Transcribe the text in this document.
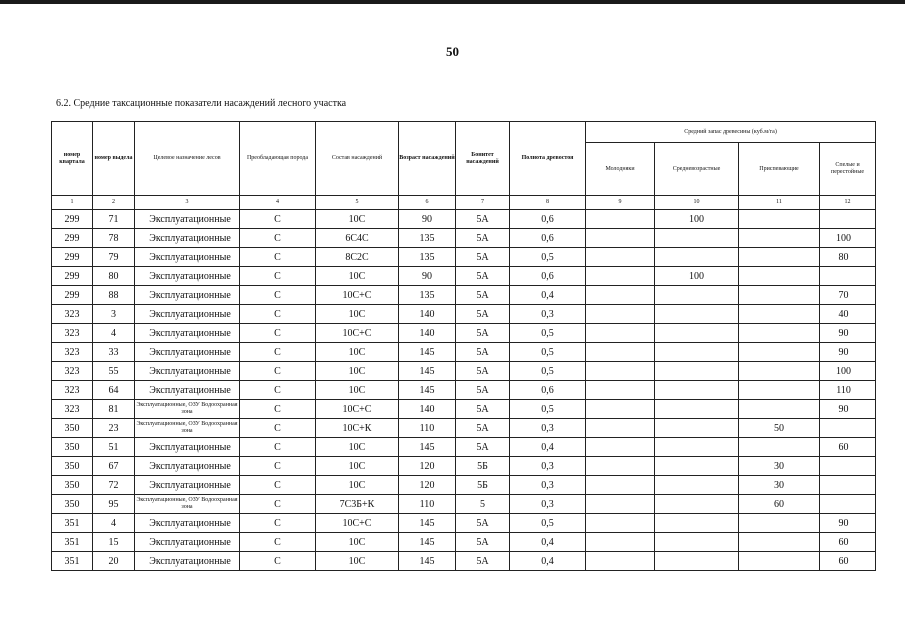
50
6.2. Средние таксационные показатели насаждений лесного участка
номер квартала	номер выдела	Целевое назначение лесов	Преобладающая порода	Состав насаждений	Возраст насаждений	Бонитет насаждений	Полнота древостоя	Средний запас древесины (куб.м/га)			
								Молодняки	Средневозрастные	Приспевающие	Спелые и перестойные
1	2	3	4	5	6	7	8	9	10	11	12
299	71	Эксплуатационные	С	10С	90	5А	0,6		100		
299	78	Эксплуатационные	С	6С4С	135	5А	0,6				100
299	79	Эксплуатационные	С	8С2С	135	5А	0,5				80
299	80	Эксплуатационные	С	10С	90	5А	0,6		100		
299	88	Эксплуатационные	С	10С+С	135	5А	0,4				70
323	3	Эксплуатационные	С	10С	140	5А	0,3				40
323	4	Эксплуатационные	С	10С+С	140	5А	0,5				90
323	33	Эксплуатационные	С	10С	145	5А	0,5				90
323	55	Эксплуатационные	С	10С	145	5А	0,5				100
323	64	Эксплуатационные	С	10С	145	5А	0,6				110
323	81	Эксплуатационные, ОЗУ Водоохранная зона	С	10С+С	140	5А	0,5				90
350	23	Эксплуатационные, ОЗУ Водоохранная зона	С	10С+К	110	5А	0,3			50	
350	51	Эксплуатационные	С	10С	145	5А	0,4				60
350	67	Эксплуатационные	С	10С	120	5Б	0,3			30	
350	72	Эксплуатационные	С	10С	120	5Б	0,3			30	
350	95	Эксплуатационные, ОЗУ Водоохранная зона	С	7С3Б+К	110	5	0,3			60	
351	4	Эксплуатационные	С	10С+С	145	5А	0,5				90
351	15	Эксплуатационные	С	10С	145	5А	0,4				60
351	20	Эксплуатационные	С	10С	145	5А	0,4				60
